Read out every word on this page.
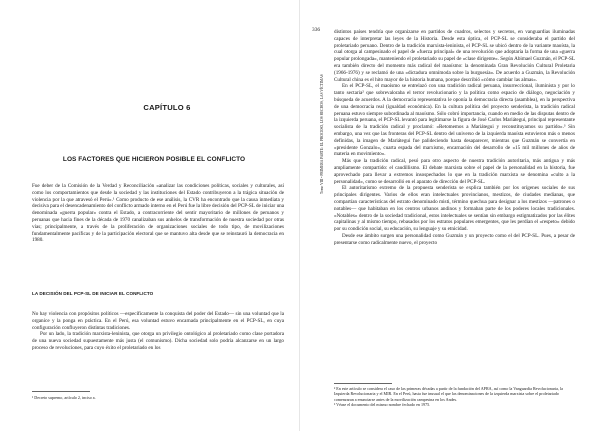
CAPÍTULO 6
LOS FACTORES QUE HICIERON POSIBLE EL CONFLICTO

Fue deber de la Comisión de la Verdad y Reconciliación «analizar las condiciones políticas, sociales y culturales, así como los comportamientos que desde la sociedad y las instituciones del Estado contribuyeron a la trágica situación de violencia por la que atravesó el Perú».¹ Como producto de ese análisis, la CVR ha encontrado que la causa inmediata y decisiva para el desencadenamiento del conflicto armado interno en el Perú fue la libre decisión del PCP-SL de iniciar una denominada «guerra popular» contra el Estado, a contracorriente del sentir mayoritario de millones de peruanos y peruanas que hacia fines de la década de 1970 canalizaban sus anhelos de transformación de nuestra sociedad por otras vías; principalmente, a través de la proliferación de organizaciones sociales de todo tipo, de movilizaciones fundamentalmente pacíficas y de la participación electoral que se mantuvo alta desde que se reinstauró la democracia en 1980.

LA DECISIÓN DEL PCP-SL DE INICIAR EL CONFLICTO

No hay violencia con propósitos políticos —específicamente la conquista del poder del Estado— sin una voluntad que la organice y la ponga en práctica. En el Perú, esa voluntad estuvo encarnada principalmente en el PCP-SL, en cuya configuración confluyeron distintas tradiciones.

Por un lado, la tradición marxista-leninista, que otorga un privilegio ontológico al proletariado como clase portadora de una nueva sociedad supuestamente más justa (el comunismo). Dicha sociedad solo podría alcanzarse en un largo proceso de revoluciones, para cuyo éxito el proletariado en los

¹ Decreto supremo, artículo 2, inciso a.

336
Tomo VIII • PRIMERA PARTE: EL PROCESO, LOS HECHOS, LAS VÍCTIMAS

distintos países tendría que organizarse en partidos de cuadros, selectos y secretos, en vanguardias iluminadas capaces de interpretar las leyes de la Historia. Desde esta óptica, el PCP-SL se consideraba el partido del proletariado peruano. Dentro de la tradición marxista-leninista, el PCP-SL se ubicó dentro de la variante maoísta, la cual otorga al campesinado el papel de «fuerza principal» de una revolución que adoptaría la forma de una «guerra popular prolongada», manteniendo el proletariado su papel de «clase dirigente». Según Abimael Guzmán, el PCP-SL era también directo del momento más radical del maoísmo: la denominada Gran Revolución Cultural Proletaria (1966-1976) y se reclamó de una «dictadura omnímoda sobre la burguesía». De acuerdo a Guzmán, la Revolución Cultural china es el hito mayor de la historia humana, porque describió «cómo cambiar las almas».

En el PCP-SL, el maoísmo se entrelazó con una tradición radical peruana, insurreccional, iluminista y por lo tanto sectaria² que sobrevaloraba el terror revolucionario y la política como espacio de diálogo, negociación y búsqueda de acuerdos. A la democracia representativa le oponía la democracia directa (asamblea), en la perspectiva de una democracia real (igualdad económica). En la cultura política del proyecto senderista, la tradición radical peruana estuvo siempre subordinada al maoísmo. Sólo cobró importancia, cuando en medio de las disputas dentro de la izquierda peruana, el PCP-SL levantó para legitimarse la figura de José Carlos Mariátegui, principal representante socialista de la tradición radical y proclamó: «Retomemos a Mariátegui y reconstituyamos su partido».³ Sin embargo, una vez que las fronteras del PCP-SL dentro del universo de la izquierda maoísta estuvieron más o menos definidas, la imagen de Mariátegui fue palideciendo hasta desaparecer, mientras que Guzmán se convertía en «presidente Gonzalo», cuarta espada del marxismo, encarnación del desarrollo de «15 mil millones de años de materia en movimiento».

Más que la tradición radical, pesó para otro aspecto de nuestra tradición autoritaria, más antigua y más ampliamente compartido: el caudillismo. El debate marxista sobre el papel de la personalidad en la historia, fue aprovechado para llevar a extremos insospechados lo que en la tradición marxista se denomina «culto a la personalidad», como se desarrolló en el aparato de dirección del PCP-SL.

El autoritarismo extremo de la propuesta senderista se explica también por los orígenes sociales de sus principales dirigentes. Varios de ellos eran intelectuales provincianos, mestizos, de ciudades medianas, que compartían características del estrato denominado misti, término quechua para designar a los mestizos —patrones o notables— que habitaban en los centros urbanos andinos y formaban parte de los poderes locales tradicionales. «Notables» dentro de la sociedad tradicional, estos intelectuales se sentían sin embargo estigmatizados por las élites capitalinas y al mismo tiempo, rebasados por los estratos populares emergentes, que les perdían el «respeto» debido por su condición social, su educación, su lenguaje y su etnicidad.

Desde ese ámbito surgen una personalidad como Guzmán y un proyecto como el del PCP-SL. Pues, a pesar de presentarse como radicalmente nuevo, el proyecto

² En este artículo se considera el caso de las primeras décadas a partir de la fundación del APRA, así como la Vanguardia Revolucionaria, la Izquierda Revolucionaria y el MIR. En el Perú, hasta fue inusual el que las denominaciones de la izquierda marxista sobre el proletariado comenzaran a enunciarse antes de la movilización campesina en los Andes.

³ Véase el documento del mismo nombre fechado en 1975.
